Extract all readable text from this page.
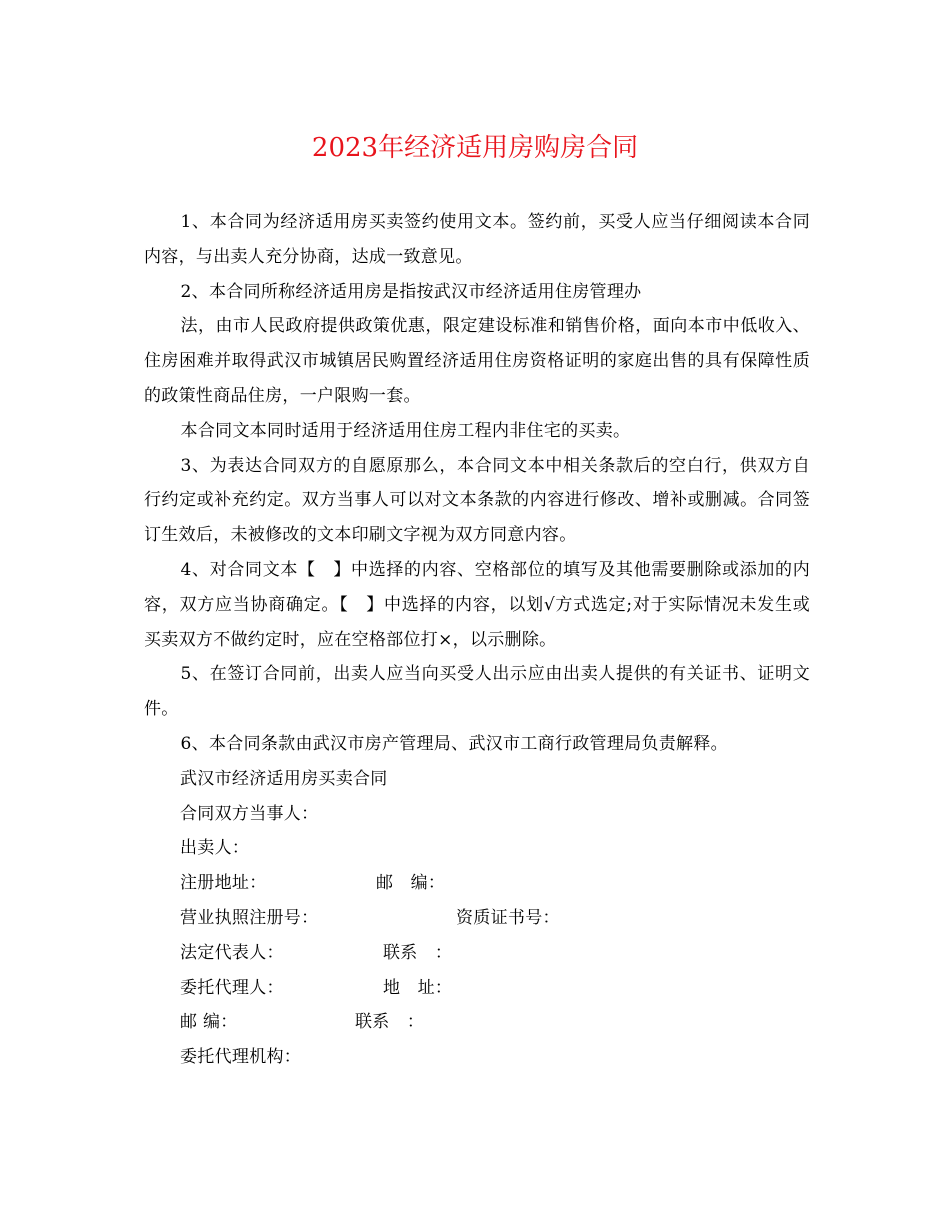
2023年经济适用房购房合同

1、本合同为经济适用房买卖签约使用文本。签约前，买受人应当仔细阅读本合同内容，与出卖人充分协商，达成一致意见。

2、本合同所称经济适用房是指按武汉市经济适用住房管理办

法，由市人民政府提供政策优惠，限定建设标准和销售价格，面向本市中低收入、住房困难并取得武汉市城镇居民购置经济适用住房资格证明的家庭出售的具有保障性质的政策性商品住房，一户限购一套。

本合同文本同时适用于经济适用住房工程内非住宅的买卖。

3、为表达合同双方的自愿原那么，本合同文本中相关条款后的空白行，供双方自行约定或补充约定。双方当事人可以对文本条款的内容进行修改、增补或删减。合同签订生效后，未被修改的文本印刷文字视为双方同意内容。

4、对合同文本【　】中选择的内容、空格部位的填写及其他需要删除或添加的内容，双方应当协商确定。【　】中选择的内容，以划√方式选定;对于实际情况未发生或买卖双方不做约定时，应在空格部位打×，以示删除。

5、在签订合同前，出卖人应当向买受人出示应由出卖人提供的有关证书、证明文件。

6、本合同条款由武汉市房产管理局、武汉市工商行政管理局负责解释。

武汉市经济适用房买卖合同

合同双方当事人：

出卖人：

注册地址：	邮　编：

营业执照注册号：	资质证书号：

法定代表人：	联系　：

委托代理人：	地　址：

邮 编：	联系　：

委托代理机构：
